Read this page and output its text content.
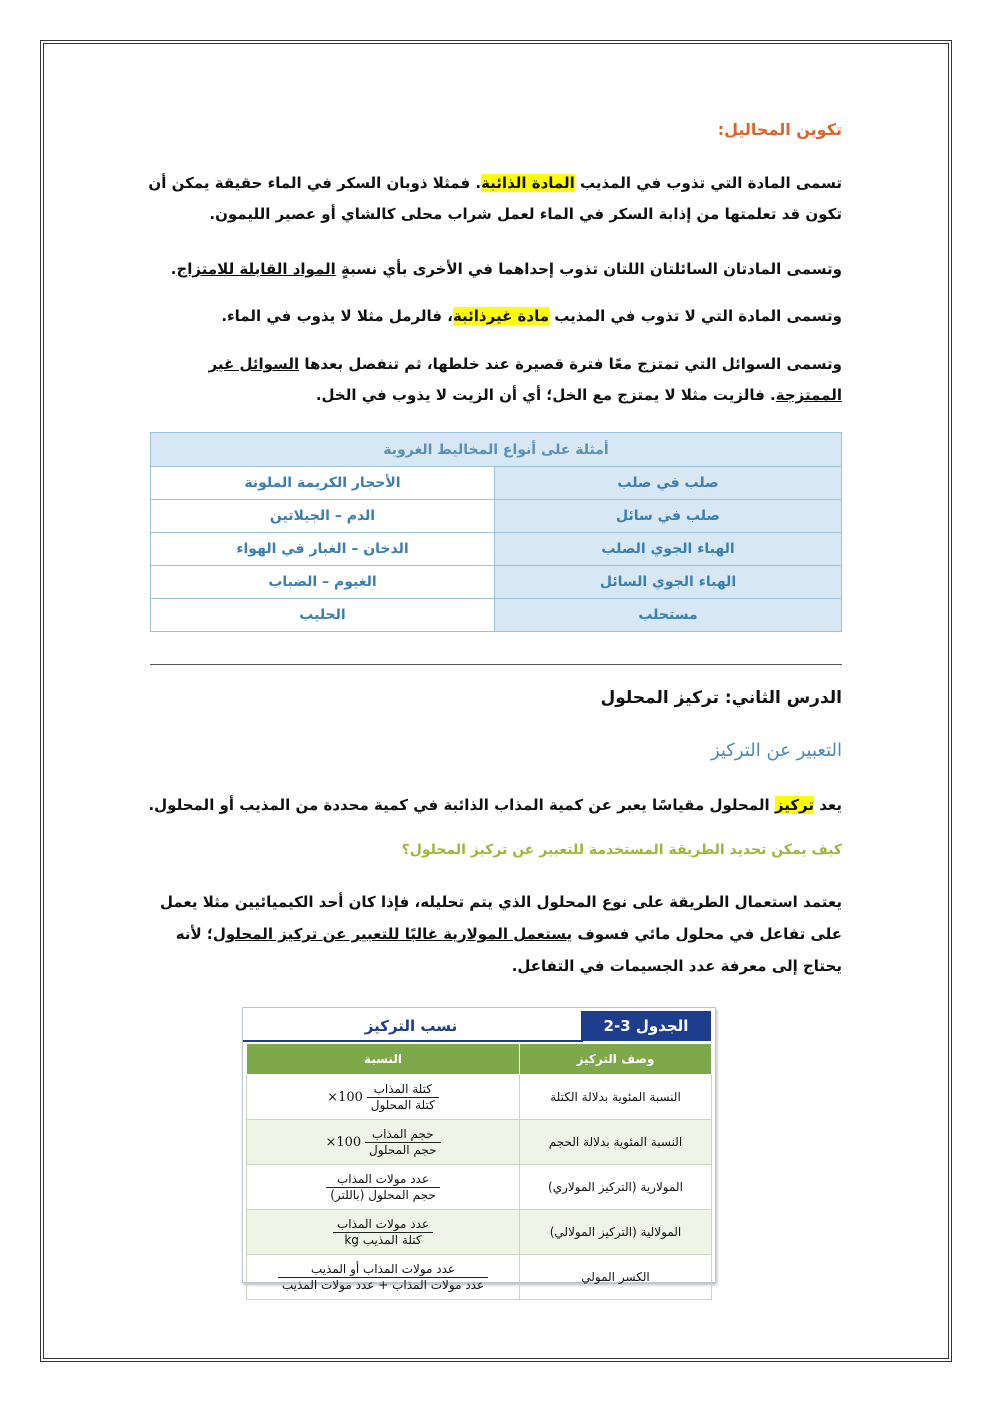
تكوين المحاليل:
تسمى المادة التي تذوب في المذيب المادة الذائبة. فمثلا ذوبان السكر في الماء حقيقة يمكن أن تكون قد تعلمتها من إذابة السكر في الماء لعمل شراب محلى كالشاي أو عصير الليمون.
وتسمى المادتان السائلتان اللتان تذوب إحداهما في الأخرى بأي نسبةٍ المواد القابلة للامتزاج.
وتسمى المادة التي لا تذوب في المذيب مادة غيرذائبة، فالرمل مثلا لا يذوب في الماء.
وتسمى السوائل التي تمتزج معًا فترة قصيرة عند خلطها، ثم تنفصل بعدها السوائل غير الممتزجة. فالزيت مثلا لا يمتزج مع الخل؛ أي أن الزيت لا يذوب في الخل.
أمثلة على أنواع المخاليط الغروية	
صلب في صلب	الأحجار الكريمة الملونة
صلب في سائل	الدم – الجيلاتين
الهباء الجوي الصلب	الدخان – الغبار في الهواء
الهباء الجوي السائل	الغيوم – الضباب
مستحلب	الحليب
الدرس الثاني: تركيز المحلول
التعبير عن التركيز
يعد تركيز المحلول مقياسًا يعبر عن كمية المذاب الذائبة في كمية محددة من المذيب أو المحلول.
كيف يمكن تحديد الطريقة المستخدمة للتعبير عن تركيز المحلول؟
يعتمد استعمال الطريقة على نوع المحلول الذي يتم تحليله، فإذا كان أحد الكيميائيين مثلا يعمل على تفاعل في محلول مائي فسوف يستعمل المولارية غالبًا للتعبير عن تركيز المحلول؛ لأنه يحتاج إلى معرفة عدد الجسيمات في التفاعل.
الجدول 3-2
نسب التركيز
النسبة	وصف التركيز

$\frac{\text{كتلة المذاب}}{\text{كتلة المحلول}}$
100×	النسبة المئوية بدلالة الكتلة

$\frac{\text{حجم المذاب}}{\text{حجم المحلول}}$
100×	النسبة المئوية بدلالة الحجم

$\frac{\text{عدد مولات المذاب}}{\text{حجم المحلول (باللتر)}}$	المولارية (التركيز المولاري)

$\frac{\text{عدد مولات المذاب}}{\text{كتلة المذيب kg}}$	المولالية (التركيز المولالي)

$\frac{\text{عدد مولات المذاب أو المذيب}}{\text{عدد مولات المذاب + عدد مولات المذيب}}$	الكسر المولي
